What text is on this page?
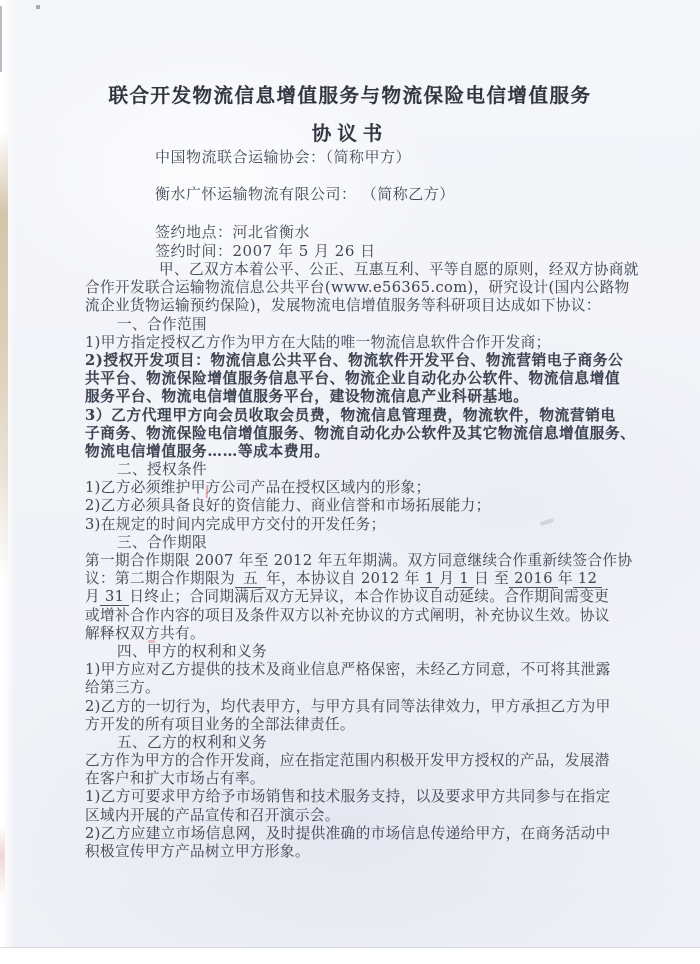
联合开发物流信息增值服务与物流保险电信增值服务
协议书
中国物流联合运输协会：（简称甲方）
衡水广怀运输物流有限公司： （简称乙方）
签约地点：河北省衡水
签约时间：2007 年 5 月 26 日
甲、乙双方本着公平、公正、互惠互利、平等自愿的原则，经双方协商就
合作开发联合运输物流信息公共平台(www.e56365.com)，研究设计(国内公路物
流企业货物运输预约保险)，发展物流电信增值服务等科研项目达成如下协议：
一、合作范围
1)甲方指定授权乙方作为甲方在大陆的唯一物流信息软件合作开发商；
2)授权开发项目：物流信息公共平台、物流软件开发平台、物流营销电子商务公
共平台、物流保险增值服务信息平台、物流企业自动化办公软件、物流信息增值
服务平台、物流电信增值服务平台，建设物流信息产业科研基地。
3）乙方代理甲方向会员收取会员费，物流信息管理费，物流软件，物流营销电
子商务、物流保险电信增值服务、物流自动化办公软件及其它物流信息增值服务、
物流电信增值服务……等成本费用。
二、授权条件
1)乙方必须维护甲方公司产品在授权区域内的形象；
2)乙方必须具备良好的资信能力、商业信誉和市场拓展能力；
3)在规定的时间内完成甲方交付的开发任务；
三、合作期限
第一期合作期限 2007 年至 2012 年五年期满。双方同意继续合作重新续签合作协
议：第二期合作期限为 五 年，本协议自 2012 年 1 月 1 日 至 2016 年 12
月 31 日终止；合同期满后双方无异议，本合作协议自动延续。合作期间需变更
或增补合作内容的项目及条件双方以补充协议的方式阐明，补充协议生效。协议
解释权双方共有。
四、甲方的权利和义务
1)甲方应对乙方提供的技术及商业信息严格保密，未经乙方同意，不可将其泄露
给第三方。
2)乙方的一切行为，均代表甲方，与甲方具有同等法律效力，甲方承担乙方为甲
方开发的所有项目业务的全部法律责任。
五、乙方的权利和义务
乙方作为甲方的合作开发商，应在指定范围内积极开发甲方授权的产品，发展潜
在客户和扩大市场占有率。
1)乙方可要求甲方给予市场销售和技术服务支持，以及要求甲方共同参与在指定
区域内开展的产品宣传和召开演示会。
2)乙方应建立市场信息网，及时提供准确的市场信息传递给甲方，在商务活动中
积极宣传甲方产品树立甲方形象。
